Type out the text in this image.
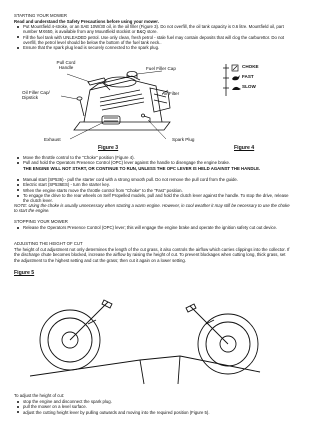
STARTING YOUR MOWER
Read and understand the Safety Precautions before using your mower.
Put Mountfield 4-stroke, or an SAE 10W/30 oil, in the oil filler (Figure 3). Do not overfill, the oil tank capacity is 0.6 litre. Mountfield oil, part number MX650, is available from any Mountfield stockist or B&Q store.
Fill the fuel tank with UNLEADED petrol. Use only clean, fresh petrol - stale fuel may contain deposits that will clog the carburettor. Do not overfill, the petrol level should be below the bottom of the fuel tank neck..
Ensure that the spark plug lead is securely connected to the spark plug.
Pull Cord
Handle	Fuel Filler Cap
Air Filter
Oil Filler Cap/
Dipstick
Exhaust	Spark Plug
Figure 3
CHOKE
FAST
SLOW
Figure 4
Move the throttle control to the "Choke" position (Figure 4).
Pull and hold the Operators Presence Control (OPC) lever against the handle to disengage the engine brake.
THE ENGINE WILL NOT START, OR CONTINUE TO RUN, UNLESS THE OPC LEVER IS HELD AGAINST THE HANDLE.
Manual start (SP536) - pull the starter cord with a strong smooth pull. Do not remove the pull cord from the guide.
Electric start (SP536ES) - turn the starter key.
When the engine starts move the throttle control from "Choke" to the "Fast" position.
To engage the drive to the rear wheels on Self Propelled models, pull and hold the clutch lever against the handle. To stop the drive, release the clutch lever.
NOTE: Using the choke is usually unnecessary when starting a warm engine. However, in cool weather it may still be necessary to use the choke to start the engine.
STOPPING YOUR MOWER
Release the Operators Presence Control (OPC) lever; this will engage the engine brake and operate the ignition safety cut out device.
ADJUSTING THE HEIGHT OF CUT
The height of cut adjustment not only determines the length of the cut grass, it also controls the airflow which carries clippings into the collector. If the discharge chute becomes blocked, increase the airflow by raising the height of cut. To prevent blockages when cutting long, thick grass, set the adjustment to the highest setting and cut the grass; then cut it again on a lower setting.
Figure 5
To adjust the height of cut:
stop the engine and disconnect the spark plug.
pull the mower on a level surface.
adjust the cutting height lever by pulling outwards and moving into the required position (Figure 5).
